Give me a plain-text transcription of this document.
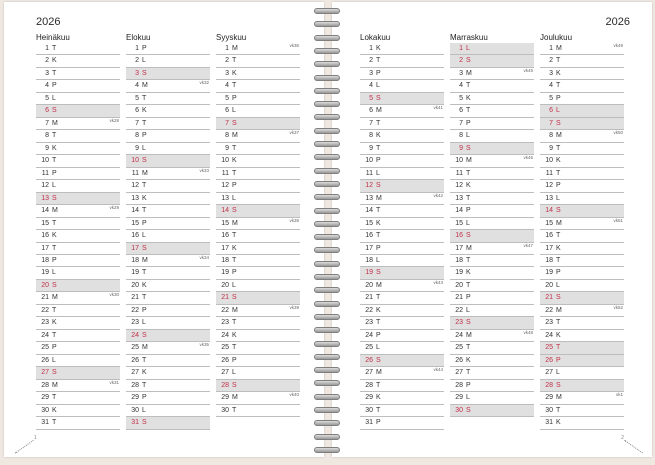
2026
Heinäkuu
1 T
2 K
3 T
4 P
5 L
6 S
7 M	vk28
8 T
9 K
10 T
11 P
12 L
13 S
14 M	vk29
15 T
16 K
17 T
18 P
19 L
20 S
21 M	vk30
22 T
23 K
24 T
25 P
26 L
27 S
28 M	vk31
29 T
30 K
31 T
Elokuu
1 P
2 L
3 S
4 M	vk32
5 T
6 K
7 T
8 P
9 L
10 S
11 M	vk33
12 T
13 K
14 T
15 P
16 L
17 S
18 M	vk34
19 T
20 K
21 T
22 P
23 L
24 S
25 M	vk35
26 T
27 K
28 T
29 P
30 L
31 S
Syyskuu
1 M	vk36
2 T
3 K
4 T
5 P
6 L
7 S
8 M	vk37
9 T
10 K
11 T
12 P
13 L
14 S
15 M	vk38
16 T
17 K
18 T
19 P
20 L
21 S
22 M	vk39
23 T
24 K
25 T
26 P
27 L
28 S
29 M	vk40
30 T
1
2026
Lokakuu
1 K
2 T
3 P
4 L
5 S
6 M	vk41
7 T
8 K
9 T
10 P
11 L
12 S
13 M	vk42
14 T
15 K
16 T
17 P
18 L
19 S
20 M	vk43
21 T
22 K
23 T
24 P
25 L
26 S
27 M	vk44
28 T
29 K
30 T
31 P
Marraskuu
1 L
2 S
3 M	vk45
4 T
5 K
6 T
7 P
8 L
9 S
10 M	vk46
11 T
12 K
13 T
14 P
15 L
16 S
17 M	vk47
18 T
19 K
20 T
21 P
22 L
23 S
24 M	vk48
25 T
26 K
27 T
28 P
29 L
30 S
Joulukuu
1 M	vk49
2 T
3 K
4 T
5 P
6 L
7 S
8 M	vk50
9 T
10 K
11 T
12 P
13 L
14 S
15 M	vk51
16 T
17 K
18 T
19 P
20 L
21 S
22 M	vk52
23 T
24 K
25 T
26 P
27 L
28 S
29 M	vk1
30 T
31 K
2
